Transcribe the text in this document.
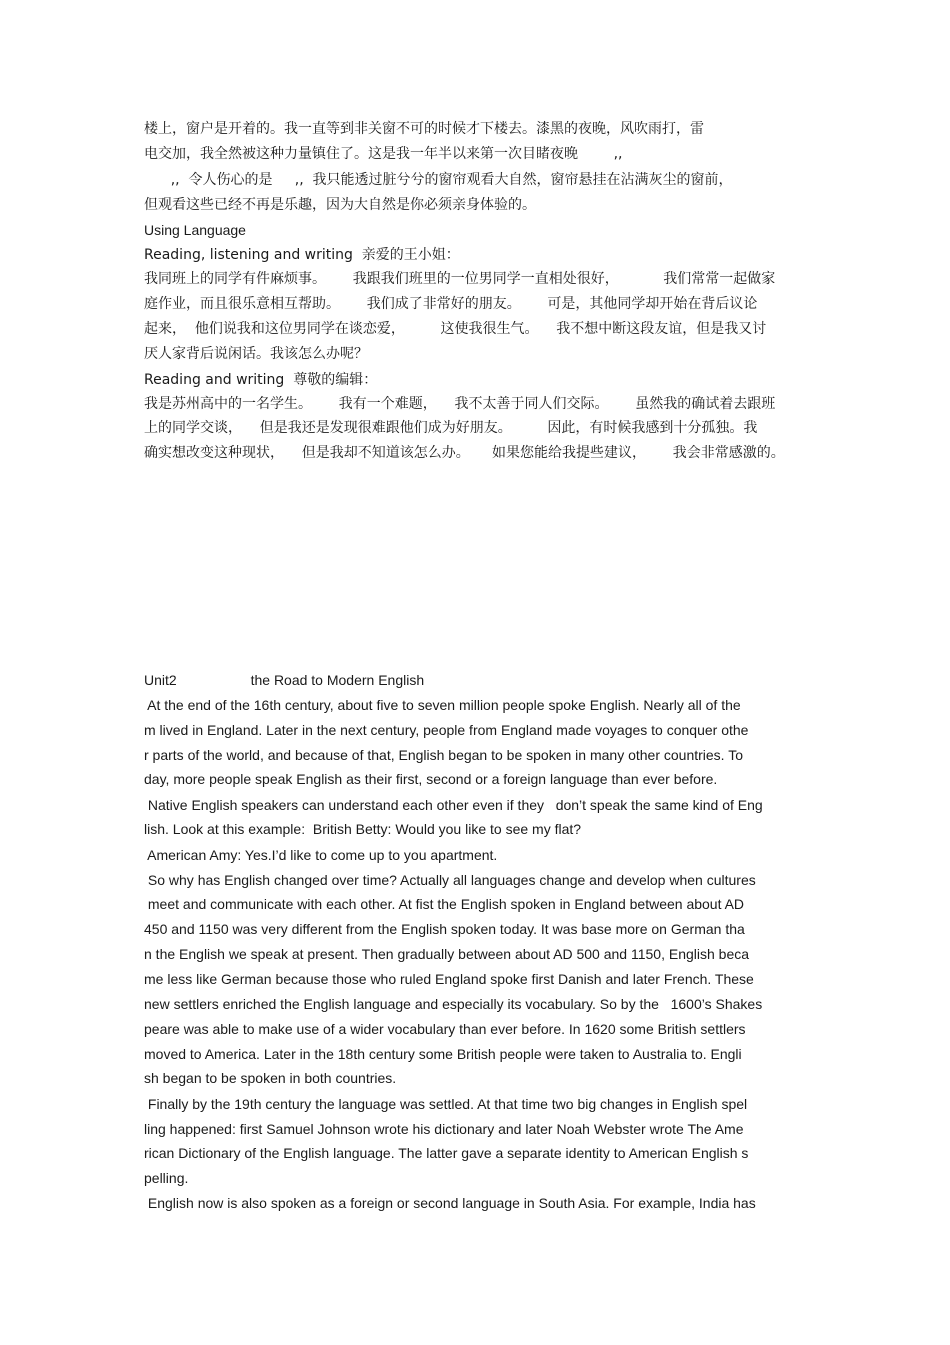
楼上，窗户是开着的。我一直等到非关窗不可的时候才下楼去。漆黑的夜晚，风吹雨打，雷
电交加，我全然被这种力量镇住了。这是我一年半以来第一次目睹夜晚        ,,
,,  令人伤心的是     ,,  我只能透过脏兮兮的窗帘观看大自然，窗帘悬挂在沾满灰尘的窗前，
但观看这些已经不再是乐趣，因为大自然是你必须亲身体验的。
Using Language
Reading, listening and writing  亲爱的王小姐：
我同班上的同学有件麻烦事。      我跟我们班里的一位男同学一直相处很好，          我们常常一起做家
庭作业，而且很乐意相互帮助。      我们成了非常好的朋友。      可是，其他同学却开始在背后议论
起来，  他们说我和这位男同学在谈恋爱，        这使我很生气。    我不想中断这段友谊，但是我又讨
厌人家背后说闲话。我该怎么办呢？
Reading and writing  尊敬的编辑：
我是苏州高中的一名学生。      我有一个难题，    我不太善于同人们交际。      虽然我的确试着去跟班
上的同学交谈，    但是我还是发现很难跟他们成为好朋友。        因此，有时候我感到十分孤独。我
确实想改变这种现状，    但是我却不知道该怎么办。     如果您能给我提些建议，      我会非常感激的。
Unit2                   the Road to Modern English
At the end of the 16th century, about five to seven million people spoke English. Nearly all of the
m lived in England. Later in the next century, people from England made voyages to conquer othe
r parts of the world, and because of that, English began to be spoken in many other countries. To
day, more people speak English as their first, second or a foreign language than ever before.
Native English speakers can understand each other even if they   don’t speak the same kind of Eng
lish. Look at this example:  British Betty: Would you like to see my flat?
American Amy: Yes.I’d like to come up to you apartment.
So why has English changed over time? Actually all languages change and develop when cultures
meet and communicate with each other. At fist the English spoken in England between about AD
450 and 1150 was very different from the English spoken today. It was base more on German tha
n the English we speak at present. Then gradually between about AD 500 and 1150, English beca
me less like German because those who ruled England spoke first Danish and later French. These
new settlers enriched the English language and especially its vocabulary. So by the   1600’s Shakes
peare was able to make use of a wider vocabulary than ever before. In 1620 some British settlers
moved to America. Later in the 18th century some British people were taken to Australia to. Engli
sh began to be spoken in both countries.
Finally by the 19th century the language was settled. At that time two big changes in English spel
ling happened: first Samuel Johnson wrote his dictionary and later Noah Webster wrote The Ame
rican Dictionary of the English language. The latter gave a separate identity to American English s
pelling.
English now is also spoken as a foreign or second language in South Asia. For example, India has
